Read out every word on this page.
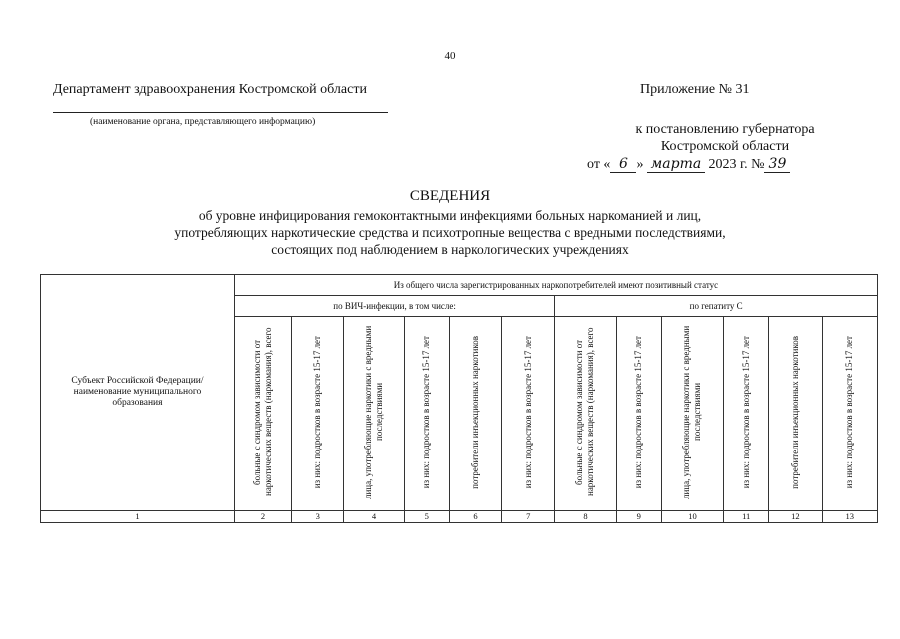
40
Департамент здравоохранения Костромской области
(наименование органа, представляющего информацию)
Приложение № 31
к постановлению губернатора
Костромской области
от « 6 » марта 2023 г. № 39
СВЕДЕНИЯ
об уровне инфицирования гемоконтактными инфекциями больных наркоманией и лиц,
употребляющих наркотические средства и психотропные вещества с вредными последствиями,
состоящих под наблюдением в наркологических учреждениях
Субъект Российской Федерации/ наименование муниципального образования	Из общего числа зарегистрированных наркопотребителей имеют позитивный статус											
	по ВИЧ-инфекции, в том числе:						по гепатиту С					
	больные с синдромом зависимости от наркотических веществ (наркомания), всего	из них: подростков в возрасте 15-17 лет	лица, употребляющие наркотики с вредными последствиями	из них: подростков в возрасте 15-17 лет	потребители инъекционных наркотиков	из них: подростков в возрасте 15-17 лет	больные с синдромом зависимости от наркотических веществ (наркомания), всего	из них: подростков в возрасте 15-17 лет	лица, употребляющие наркотики с вредными последствиями	из них: подростков в возрасте 15-17 лет	потребители инъекционных наркотиков	из них: подростков в возрасте 15-17 лет
1	2	3	4	5	6	7	8	9	10	11	12	13
